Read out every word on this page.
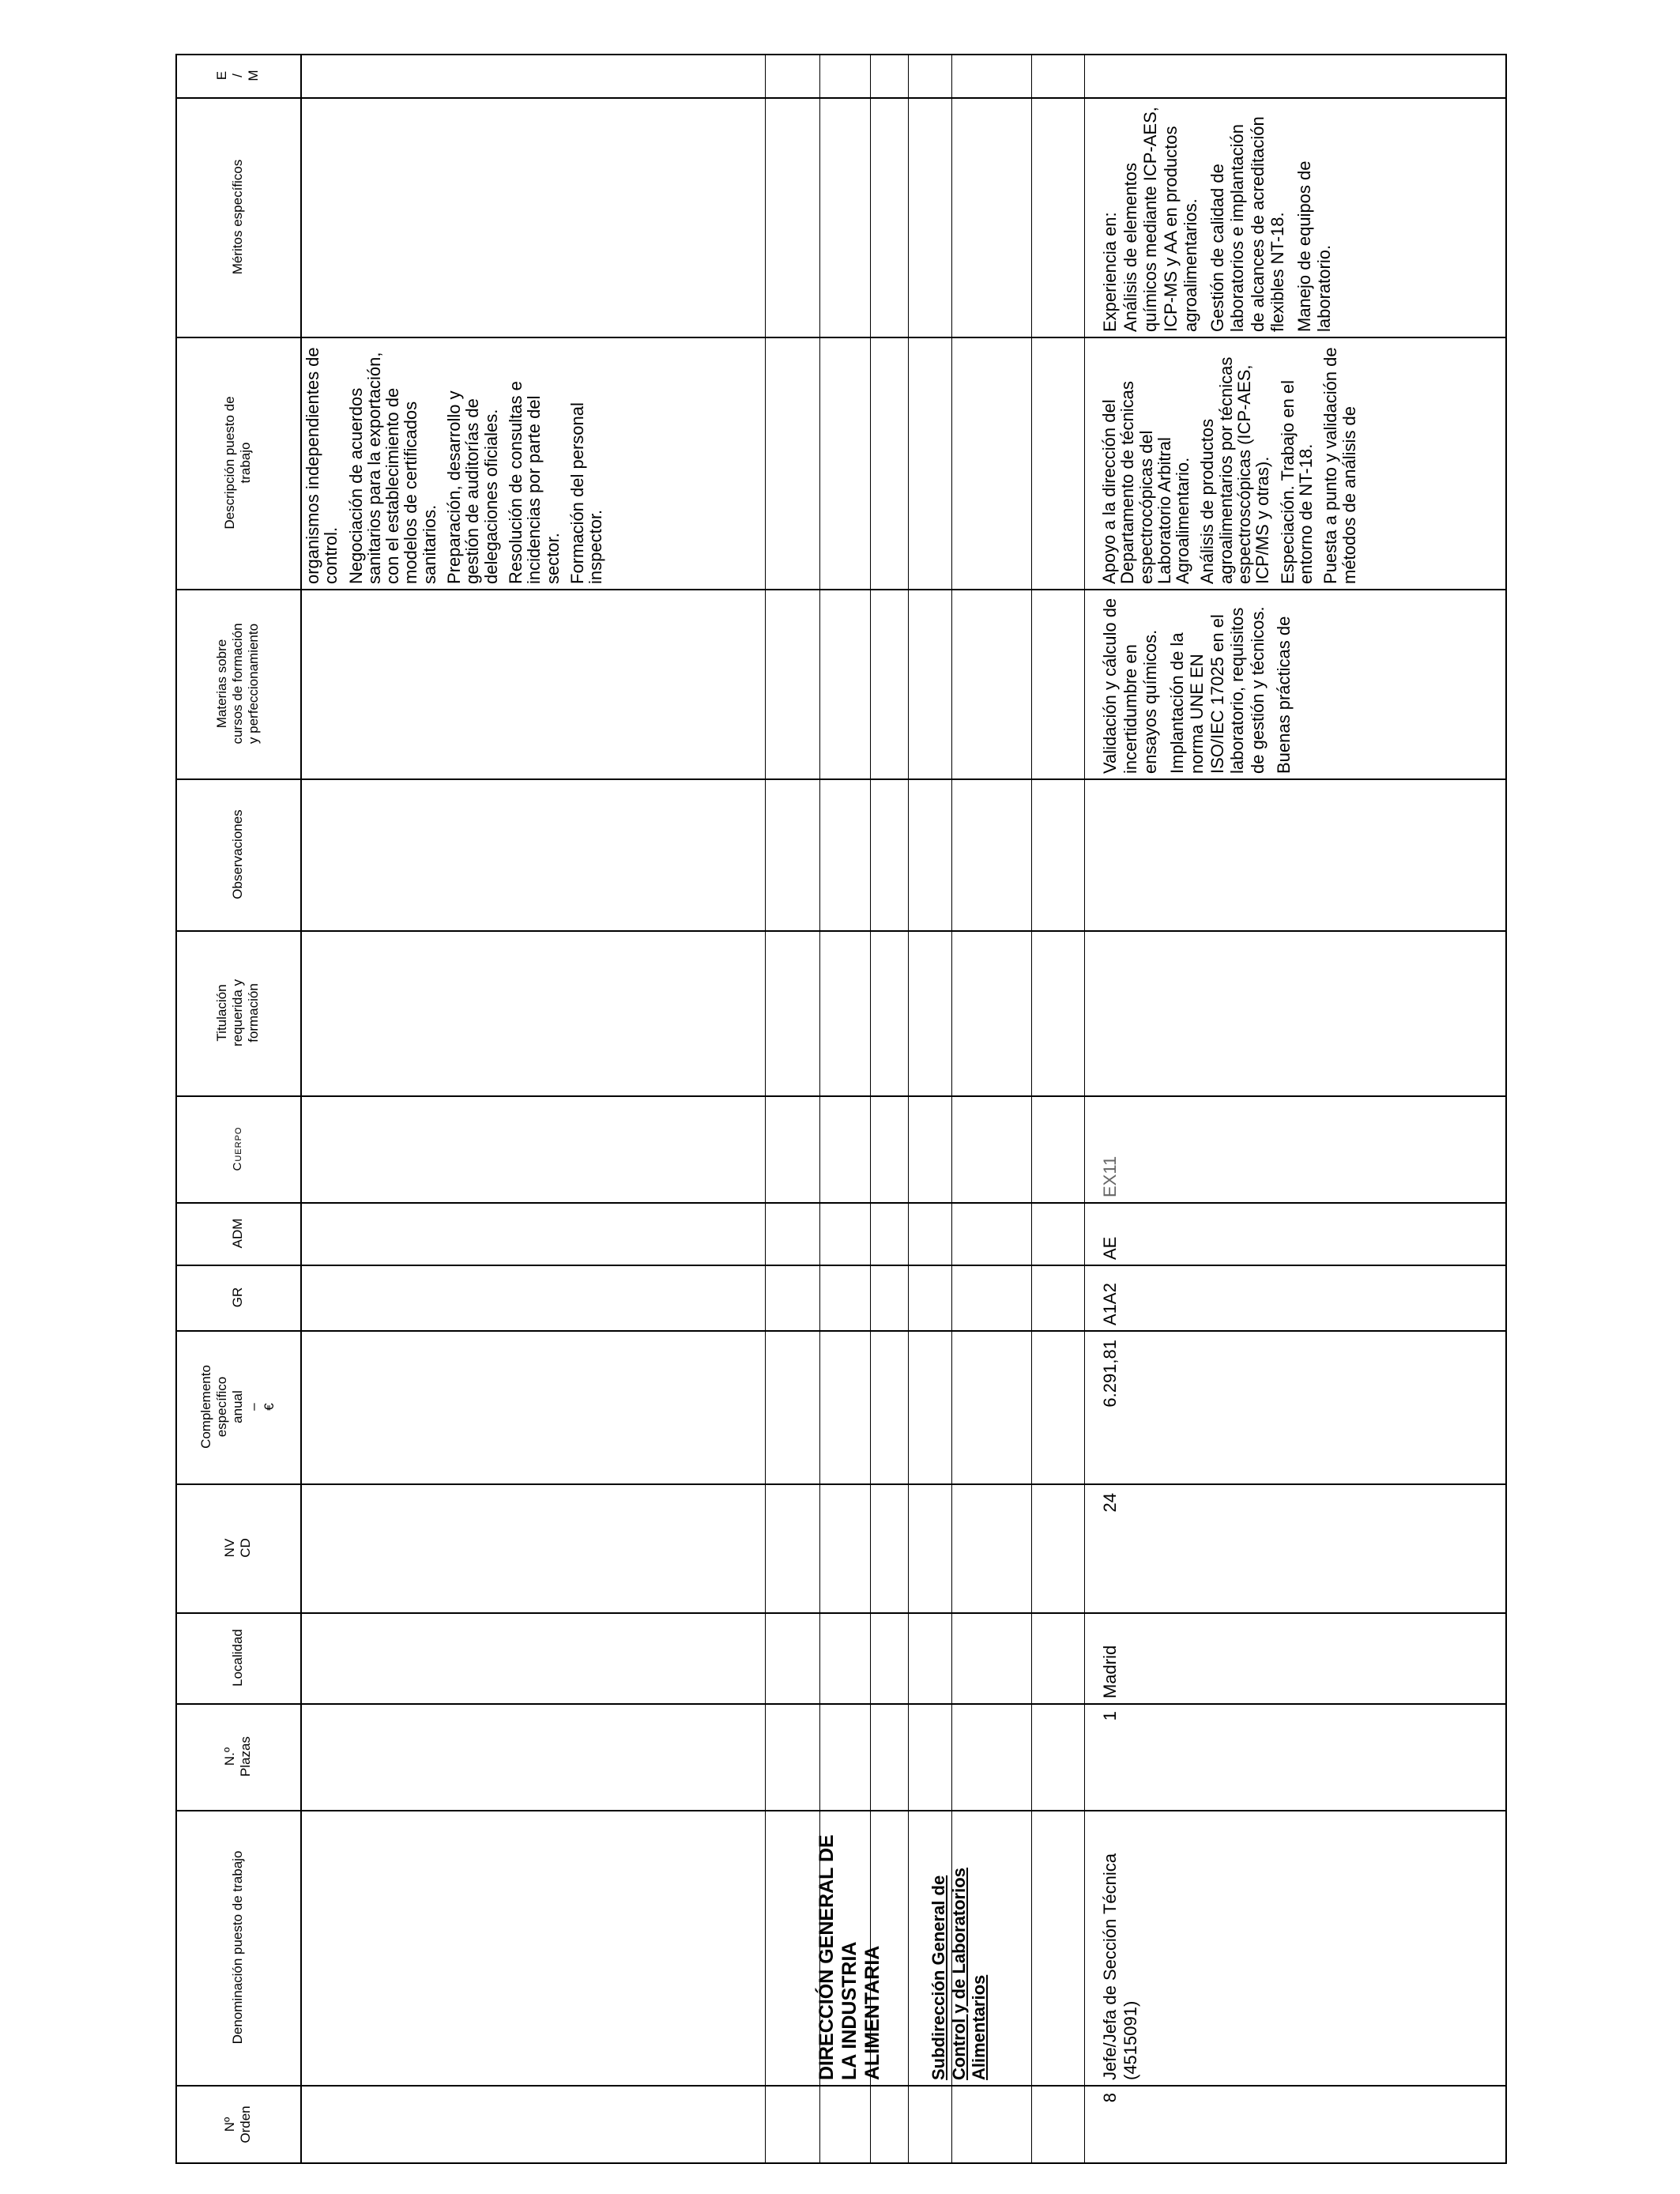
E
/
M
Méritos específicos
Descripción puesto de
trabajo
Materias sobre
cursos de formación
y perfeccionamiento
Observaciones
Titulación
requerida y
formación
Cuerpo
ADM
GR
Complemento
específico
anual
–
€
NV
CD
Localidad
N.º
Plazas
Denominación puesto de trabajo
Nº
Orden
organismos independientes de control. Negociación de acuerdos sanitarios para la exportación, con el establecimiento de modelos de certificados sanitarios. Preparación, desarrollo y gestión de auditorías de delegaciones oficiales. Resolución de consultas e incidencias por parte del sector. Formación del personal inspector.
DIRECCIÓN GENERAL DE LA INDUSTRIA ALIMENTARIA	Subdirección General de Control y de Laboratorios Alimentarios
8
Jefe/Jefa de Sección Técnica (4515091)
1
Madrid
24
6.291,81
A1A2
AE
EX11
Validación y cálculo de incertidumbre en ensayos químicos. Implantación de la norma UNE EN ISO/IEC 17025 en el laboratorio, requisitos de gestión y técnicos. Buenas prácticas de
Apoyo a la dirección del Departamento de técnicas espectrocópicas del Laboratorio Arbitral Agroalimentario. Análisis de productos agroalimentarios por técnicas espectroscópicas (ICP-AES, ICP/MS y otras). Especiación. Trabajo en el entorno de NT-18. Puesta a punto y validación de métodos de análisis de
Experiencia en: Análisis de elementos químicos mediante ICP-AES, ICP-MS y AA en productos agroalimentarios. Gestión de calidad de laboratorios e implantación de alcances de acreditación flexibles NT-18. Manejo de equipos de laboratorio.
